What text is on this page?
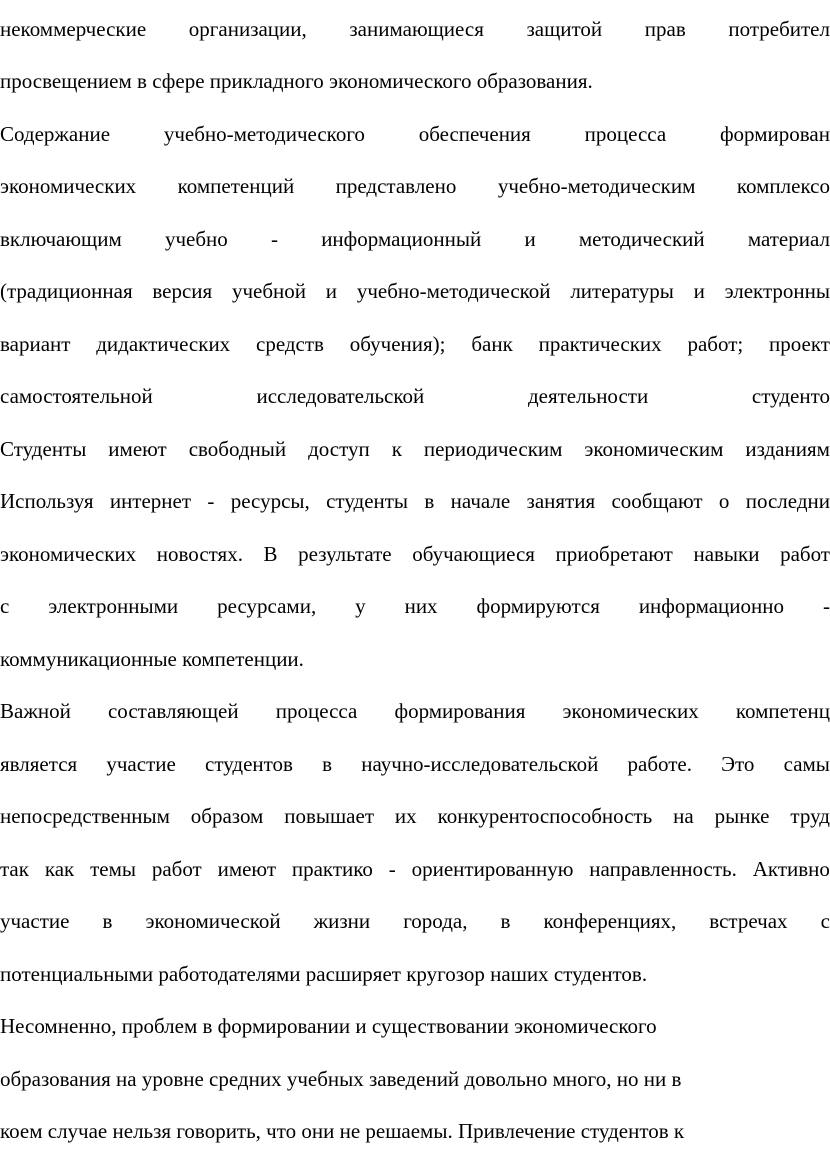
некоммерческие организации, занимающиеся защитой прав потребител
просвещением в сфере прикладного экономического образования.
Содержание	учебно-методического	обеспечения	процесса	формирован
экономических компетенций представлено учебно-методическим комплексо
включающим учебно - информационный и методический материал
(традиционная версия учебной и учебно-методической литературы и электронны
вариант дидактических средств обучения); банк практических работ; проект
самостоятельной	исследовательской	деятельности	студенто
Студенты имеют свободный доступ к периодическим экономическим изданиям
Используя интернет - ресурсы, студенты в начале занятия сообщают о последни
экономических новостях. В результате обучающиеся приобретают навыки работ
с электронными ресурсами, у них формируются информационно -
коммуникационные компетенции.
Важной составляющей процесса формирования экономических компетенц
является участие студентов в научно-исследовательской работе. Это самы
непосредственным образом повышает их конкурентоспособность на рынке труд
так как темы работ имеют практико - ориентированную направленность. Активно
участие в экономической жизни города, в конференциях, встречах с
потенциальными работодателями расширяет кругозор наших студентов.
Несомненно, проблем в формировании и существовании экономического
образования на уровне средних учебных заведений довольно много, но ни в
коем случае нельзя говорить, что они не решаемы. Привлечение студентов к
